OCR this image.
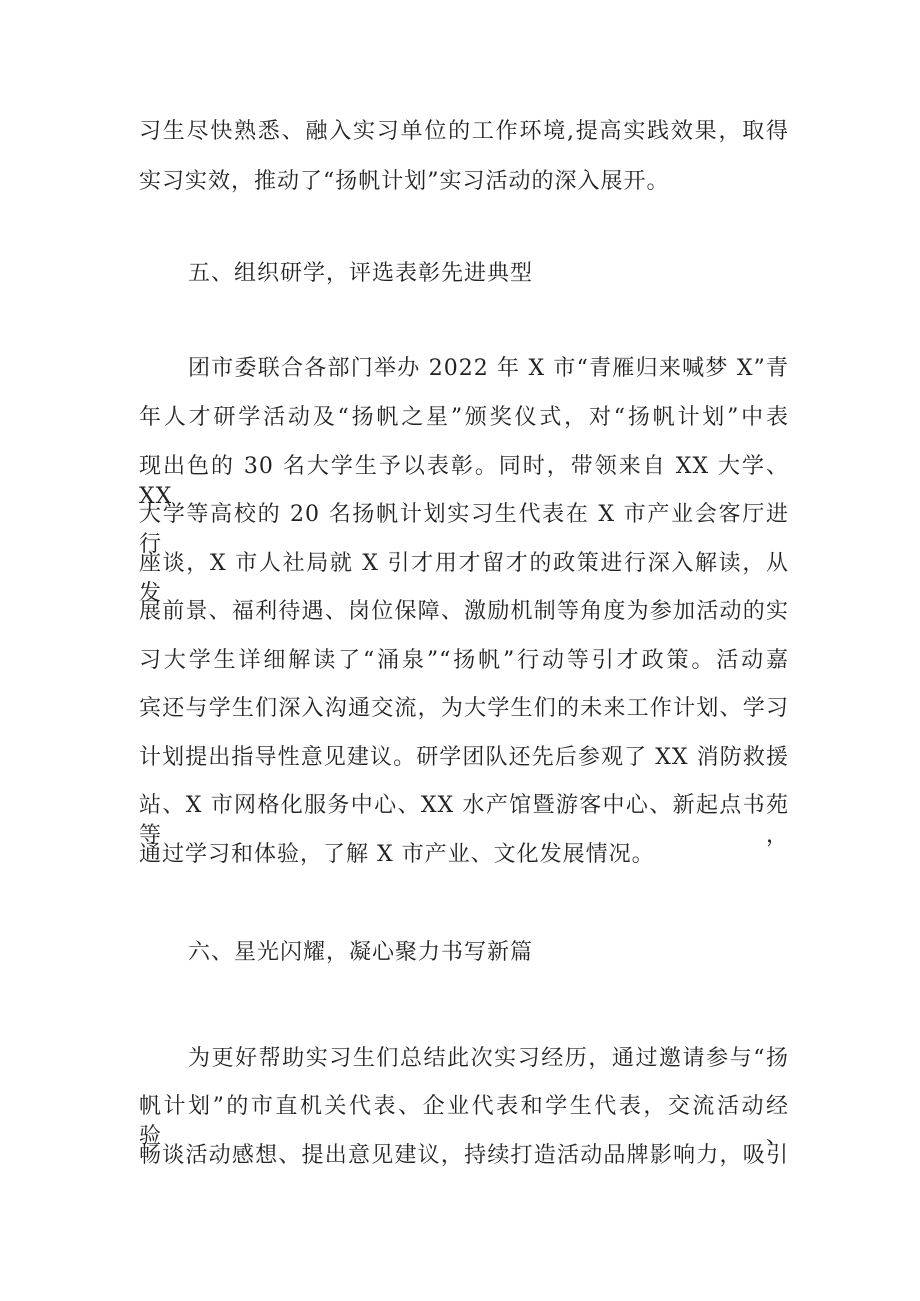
习生尽快熟悉、融入实习单位的工作环境,提高实践效果，取得
实习实效，推动了“扬帆计划”实习活动的深入展开。
五、组织研学，评选表彰先进典型
团市委联合各部门举办 2022 年 X 市“青雁归来喊梦 X”青
年人才研学活动及“扬帆之星”颁奖仪式，对“扬帆计划”中表
现出色的 30 名大学生予以表彰。同时，带领来自 XX 大学、XX
大学等高校的 20 名扬帆计划实习生代表在 X 市产业会客厅进行
座谈，X 市人社局就 X 引才用才留才的政策进行深入解读，从发
展前景、福利待遇、岗位保障、激励机制等角度为参加活动的实
习大学生详细解读了“涌泉”“扬帆”行动等引才政策。活动嘉
宾还与学生们深入沟通交流，为大学生们的未来工作计划、学习
计划提出指导性意见建议。研学团队还先后参观了 XX 消防救援
站、X 市网格化服务中心、XX 水产馆暨游客中心、新起点书苑等，
通过学习和体验，了解 X 市产业、文化发展情况。
六、星光闪耀，凝心聚力书写新篇
为更好帮助实习生们总结此次实习经历，通过邀请参与“扬
帆计划”的市直机关代表、企业代表和学生代表，交流活动经验、
畅谈活动感想、提出意见建议，持续打造活动品牌影响力，吸引
